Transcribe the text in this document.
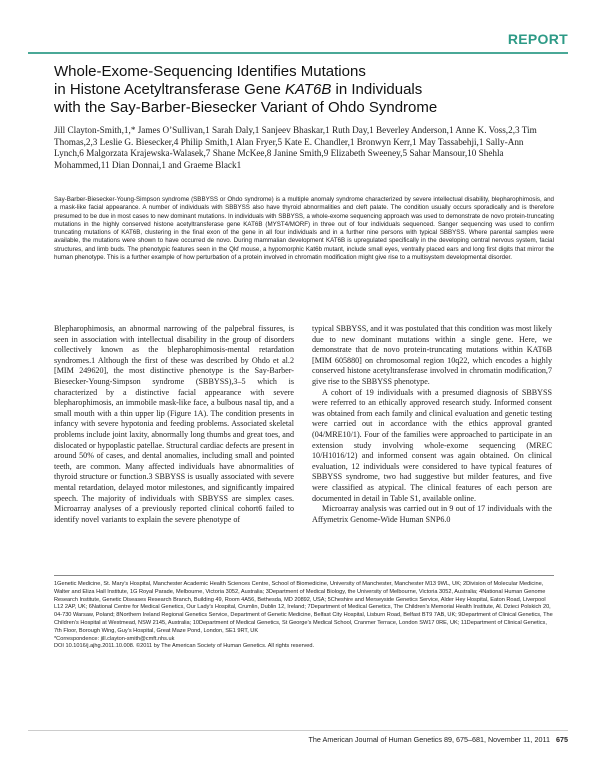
REPORT
Whole-Exome-Sequencing Identifies Mutations
in Histone Acetyltransferase Gene KAT6B in Individuals
with the Say-Barber-Biesecker Variant of Ohdo Syndrome
Jill Clayton-Smith,1,* James O’Sullivan,1 Sarah Daly,1 Sanjeev Bhaskar,1 Ruth Day,1 Beverley Anderson,1 Anne K. Voss,2,3 Tim Thomas,2,3 Leslie G. Biesecker,4 Philip Smith,1 Alan Fryer,5 Kate E. Chandler,1 Bronwyn Kerr,1 May Tassabehji,1 Sally-Ann Lynch,6 Malgorzata Krajewska-Walasek,7 Shane McKee,8 Janine Smith,9 Elizabeth Sweeney,5 Sahar Mansour,10 Shehla Mohammed,11 Dian Donnai,1 and Graeme Black1
Say-Barber-Biesecker-Young-Simpson syndrome (SBBYSS or Ohdo syndrome) is a multiple anomaly syndrome characterized by severe intellectual disability, blepharophimosis, and a mask-like facial appearance. A number of individuals with SBBYSS also have thyroid abnormalities and cleft palate. The condition usually occurs sporadically and is therefore presumed to be due in most cases to new dominant mutations. In individuals with SBBYSS, a whole-exome sequencing approach was used to demonstrate de novo protein-truncating mutations in the highly conserved histone acetyltransferase gene KAT6B (MYST4/MORF) in three out of four individuals sequenced. Sanger sequencing was used to confirm truncating mutations of KAT6B, clustering in the final exon of the gene in all four individuals and in a further nine persons with typical SBBYSS. Where parental samples were available, the mutations were shown to have occurred de novo. During mammalian development KAT6B is upregulated specifically in the developing central nervous system, facial structures, and limb buds. The phenotypic features seen in the Qkf mouse, a hypomorphic Kat6b mutant, include small eyes, ventrally placed ears and long first digits that mirror the human phenotype. This is a further example of how perturbation of a protein involved in chromatin modification might give rise to a multisystem developmental disorder.

Blepharophimosis, an abnormal narrowing of the palpebral fissures, is seen in association with intellectual disability in the group of disorders collectively known as the blepharophimosis-mental retardation syndromes.1 Although the first of these was described by Ohdo et al.2 [MIM 249620], the most distinctive phenotype is the Say-Barber-Biesecker-Young-Simpson syndrome (SBBYSS),3–5 which is characterized by a distinctive facial appearance with severe blepharophimosis, an immobile mask-like face, a bulbous nasal tip, and a small mouth with a thin upper lip (Figure 1A). The condition presents in infancy with severe hypotonia and feeding problems. Associated skeletal problems include joint laxity, abnormally long thumbs and great toes, and dislocated or hypoplastic patellae. Structural cardiac defects are present in around 50% of cases, and dental anomalies, including small and pointed teeth, are common. Many affected individuals have abnormalities of thyroid structure or function.3 SBBYSS is usually associated with severe mental retardation, delayed motor milestones, and significantly impaired speech. The majority of individuals with SBBYSS are simplex cases. Microarray analyses of a previously reported clinical cohort6 failed to identify novel variants to explain the severe phenotype of

typical SBBYSS, and it was postulated that this condition was most likely due to new dominant mutations within a single gene. Here, we demonstrate that de novo protein-truncating mutations within KAT6B [MIM 605880] on chromosomal region 10q22, which encodes a highly conserved histone acetyltransferase involved in chromatin modification,7 give rise to the SBBYSS phenotype.

A cohort of 19 individuals with a presumed diagnosis of SBBYSS were referred to an ethically approved research study. Informed consent was obtained from each family and clinical evaluation and genetic testing were carried out in accordance with the ethics approval granted (04/MRE10/1). Four of the families were approached to participate in an extension study involving whole-exome sequencing (MREC 10/H1016/12) and informed consent was again obtained. On clinical evaluation, 12 individuals were considered to have typical features of SBBYSS syndrome, two had suggestive but milder features, and five were classified as atypical. The clinical features of each person are documented in detail in Table S1, available online.

Microarray analysis was carried out in 9 out of 17 individuals with the Affymetrix Genome-Wide Human SNP6.0

1Genetic Medicine, St. Mary’s Hospital, Manchester Academic Health Sciences Centre, School of Biomedicine, University of Manchester, Manchester M13 9WL, UK; 2Division of Molecular Medicine, Walter and Eliza Hall Institute, 1G Royal Parade, Melbourne, Victoria 3052, Australia; 3Department of Medical Biology, the University of Melbourne, Victoria 3052, Australia; 4National Human Genome Research Institute, Genetic Diseases Research Branch, Building 49, Room 4A56, Bethesda, MD 20892, USA; 5Cheshire and Merseyside Genetics Service, Alder Hey Hospital, Eaton Road, Liverpool L12 2AP, UK; 6National Centre for Medical Genetics, Our Lady’s Hospital, Crumlin, Dublin 12, Ireland; 7Department of Medical Genetics, The Children’s Memorial Health Institute, Al. Dzieci Polskich 20, 04-730 Warsaw, Poland; 8Northern Ireland Regional Genetics Service, Department of Genetic Medicine, Belfast City Hospital, Lisburn Road, Belfast BT9 7AB, UK; 9Department of Clinical Genetics, The Children’s Hospital at Westmead, NSW 2145, Australia; 10Department of Medical Genetics, St George’s Medical School, Cranmer Terrace, London SW17 0RE, UK; 11Department of Clinical Genetics, 7th Floor, Borough Wing, Guy’s Hospital, Great Maze Pond, London, SE1 9RT, UK

*Correspondence: jill.clayton-smith@cmft.nhs.uk

DOI 10.1016/j.ajhg.2011.10.008. ©2011 by The American Society of Human Genetics. All rights reserved.

The American Journal of Human Genetics 89, 675–681, November 11, 2011 675
